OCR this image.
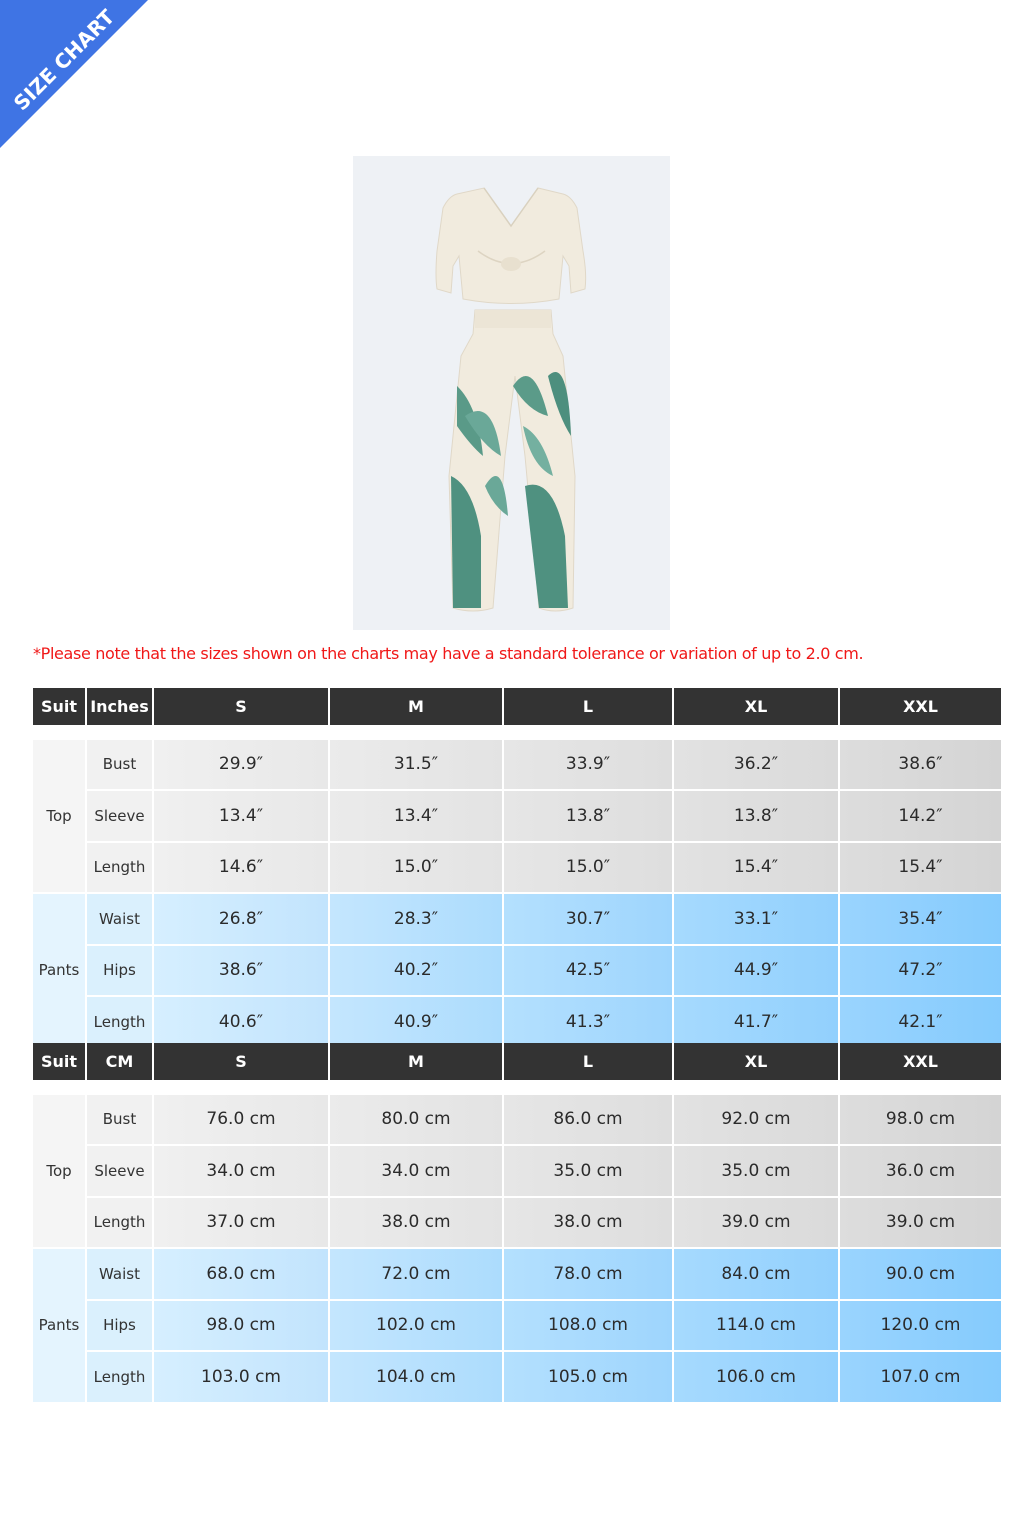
SIZE CHART
*Please note that the sizes shown on the charts may have a standard tolerance or variation of up to 2.0 cm.
Suit Inches	S	M	L	XL	XXL
Top
Bust	29.9″	31.5″	33.9″	36.2″	38.6″
Sleeve	13.4″	13.4″	13.8″	13.8″	14.2″
Length	14.6″	15.0″	15.0″	15.4″	15.4″
Pants
Waist	26.8″	28.3″	30.7″	33.1″	35.4″
Hips	38.6″	40.2″	42.5″	44.9″	47.2″
Length	40.6″	40.9″	41.3″	41.7″	42.1″
Suit	CM	S	M	L	XL	XXL
Top
Bust	76.0 cm	80.0 cm	86.0 cm	92.0 cm	98.0 cm
Sleeve	34.0 cm	34.0 cm	35.0 cm	35.0 cm	36.0 cm
Length	37.0 cm	38.0 cm	38.0 cm	39.0 cm	39.0 cm
Pants
Waist	68.0 cm	72.0 cm	78.0 cm	84.0 cm	90.0 cm
Hips	98.0 cm	102.0 cm	108.0 cm	114.0 cm	120.0 cm
Length	103.0 cm	104.0 cm	105.0 cm	106.0 cm	107.0 cm
